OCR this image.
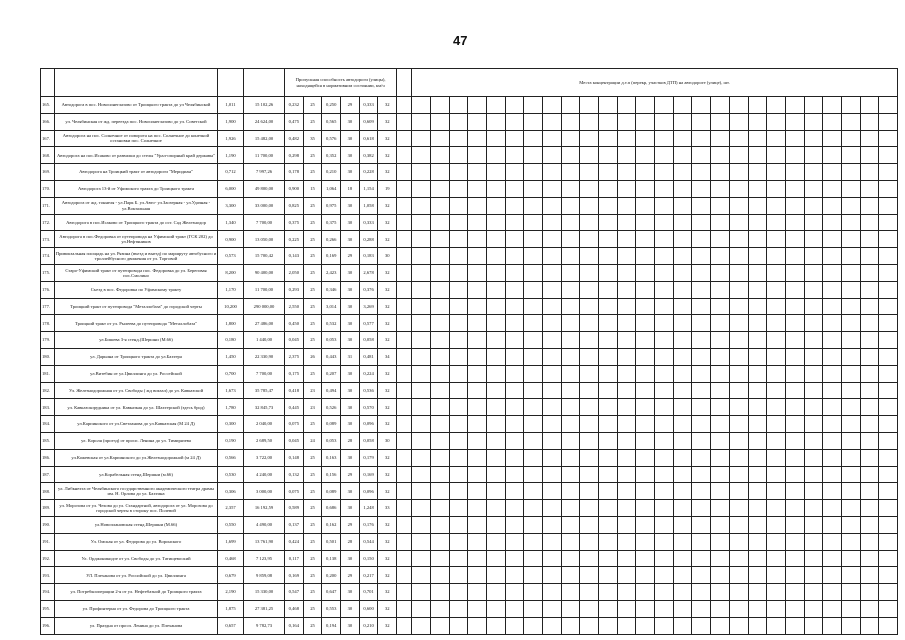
47
				Пропускная способность автодороги (улицы), находящейся в нормативном состоянии, км/ч							Места концентрации д.т.п (перекр, участков ДТП) на автодороге (улице), шт.																									
165.	Автодорога в пос. Новосинеглазово от Троицкого тракта до ул Челябинской	1,011	15 102,26	0,232	25	0,250	29	0,333	32																											
166.	ул. Челябинская от жд. переезда пос. Новосинеглазово до ул. Советской	1,900	24 624,00	0,475	25	0,565	30	0,609	32																											
167.	Автодорога на пос. Солнечное от поворота на пос. Солнечное до конечной остановки пос. Солнечное	1,926	15 482,00	0,482	35	0,576	30	0,618	32																											
168.	Автодорога на пос.Исаково от развилки до стелы "Урал-опорный край державы"	1,190	11 700,00	0,298	25	0,352	30	0,382	32																											
169.	Автодорога на Троицкий тракт от автодороги "Меридиан"	0,712	7 997,26	0,178	25	0,210	30	0,228	32																											
170.	Автодорога 13-й от Уфимского тракта до Троицкого тракта	6,000	49 800,00	0,900	15	1,064	18	1,154	19																											
171.	Автодорога от жд. тоннеля - ул.Парк Б. ул.Авто- ул.Заозерная - ул.Удачная - ул.Вокзальная	3,300	33 000,00	0,825	25	0,975	30	1,058	32																											
172.	Автодорога в пос.Исаково от Троицкого тракта до ост. Сад Железнодор	1,340	7 700,00	0,375	25	0,375	30	0,333	32																											
173.	Автодорога в пос.Федоровка от путепровода на Уфимский тракт (ГСК 202) до ул.Нефтяников	0,900	13 050,00	0,225	25	0,266	30	0,288	32																											
174.	Привокзальная площадь на ул. Рязина (въезд и выезд) по маршруту автобусного и троллейбусного движения от ул. Торговой	0,573	15 700,42	0,143	25	0,169	29	0,183	30																											
175.	Старо-Уфимский тракт от путепровода пос. Федоровка до ул. Береговая пос.Смолино	8,200	90 400,00	2,050	25	2,423	30	2,678	32																											
176.	Съезд в пос. Федоровка по Уфимскому тракту	1,170	11 700,00	0,293	25	0,346	30	0,376	32																											
177.	Троицкий тракт от путепровода "Металлобаза" до городской черты	10,200	290 000,00	2,550	25	3,014	30	3,269	32																											
178.	Троицкий тракт от ул. Рылеева до путепровода "Металлобаза"	1,800	27 486,00	0,450	25	0,532	30	0,577	32																											
179.	ул.Бишева 3-я стенд.(Шершни (М.66)	0,180	1 440,00	0,045	25	0,053	30	0,058	32																											
180.	ул. Дарьина от Троицкого тракта до ул.Бахтера	1,450	22 330,90	2,375	26	0,443	31	0,481	34																											
181.	ул.Витебин от ул.Цвиллинга до ул. Россейской	0,700	7 700,00	0,175	25	0,207	30	0,224	32																											
182.	Ул. Железнодорожная от ул. Свободы ( жд вокзал) до ул. Кавказской	1,673	35 785,47	0,418	23	0,494	30	0,536	32																											
183.	ул. Кавказскорудника от ул. Кавказкая до ул. Шахтерской (здесь брод)	1,780	32 845,73	0,445	23	0,526	30	0,570	32																											
184.	ул.Карпинского от ул.Светланова до ул.Кавказская (М 24 Д)	0,300	2 040,00	0,075	25	0,089	30	0,096	32																											
185.	ул. Короля (проезд) от просп. Ленина до ул. Тимирязева	0,190	2 689,50	0,045	24	0,053	28	0,058	30																											
186.	ул.Кожевская от ул.Карпинского до ул.Железнодорожной (м 24 Д)	0,566	3 722,00	0,148	25	0,163	30	0,179	32																											
187.	ул.Корабельная стенд.Шершни (м.66)	0,530	4 240,00	0,132	25	0,156	29	0,169	32																											
188.	ул. Либкнехта от Челябинского государственного академического театра драмы им. Н. Орлова до ул. Бахтина	0,306	3 000,00	0,075	25	0,089	30	0,096	32																											
189.	ул. Морозова от ул. Чехова до ул. Стандартной, автодорога от ул. Морозова до городской черты в сторону пос. Полевой	2,357	16 192,59	0,589	25	0,686	30	1,248	33																											
190.	ул.Новоплановская стенд.Шершни (М.66)	0,550	4 490,00	0,137	25	0,162	29	0,176	32																											
191.	Ул. Омская от ул. Федорова до ул. Воронского	1,699	13 761,90	0,424	25	0,501	28	0,544	32																											
192.	Ул. Орджоникидзе от ул. Свободы до ул. Татищевоский	0,468	7 123,95	0,117	25	0,138	30	0,150	32																											
193.	УЛ. Плеханова от ул. Российской до ул. Цвиллинга	0,679	9 859,08	0,169	25	0,200	29	0,217	32																											
194.	ул. Потребкооперации 2-я от ул. Нефтебазной до Троицкого тракта	2,190	15 330,00	0,547	25	0,647	30	0,701	32																											
195.	ул. Профинтерна от ул. Федорова до Троицкого тракта	1,875	27 381,25	0,468	25	0,553	30	0,600	32																											
196.	ул. Праздна от просп. Ленина до ул. Плеханова	0,657	9 782,73	0,164	25	0,194	30	0,210	32																											
